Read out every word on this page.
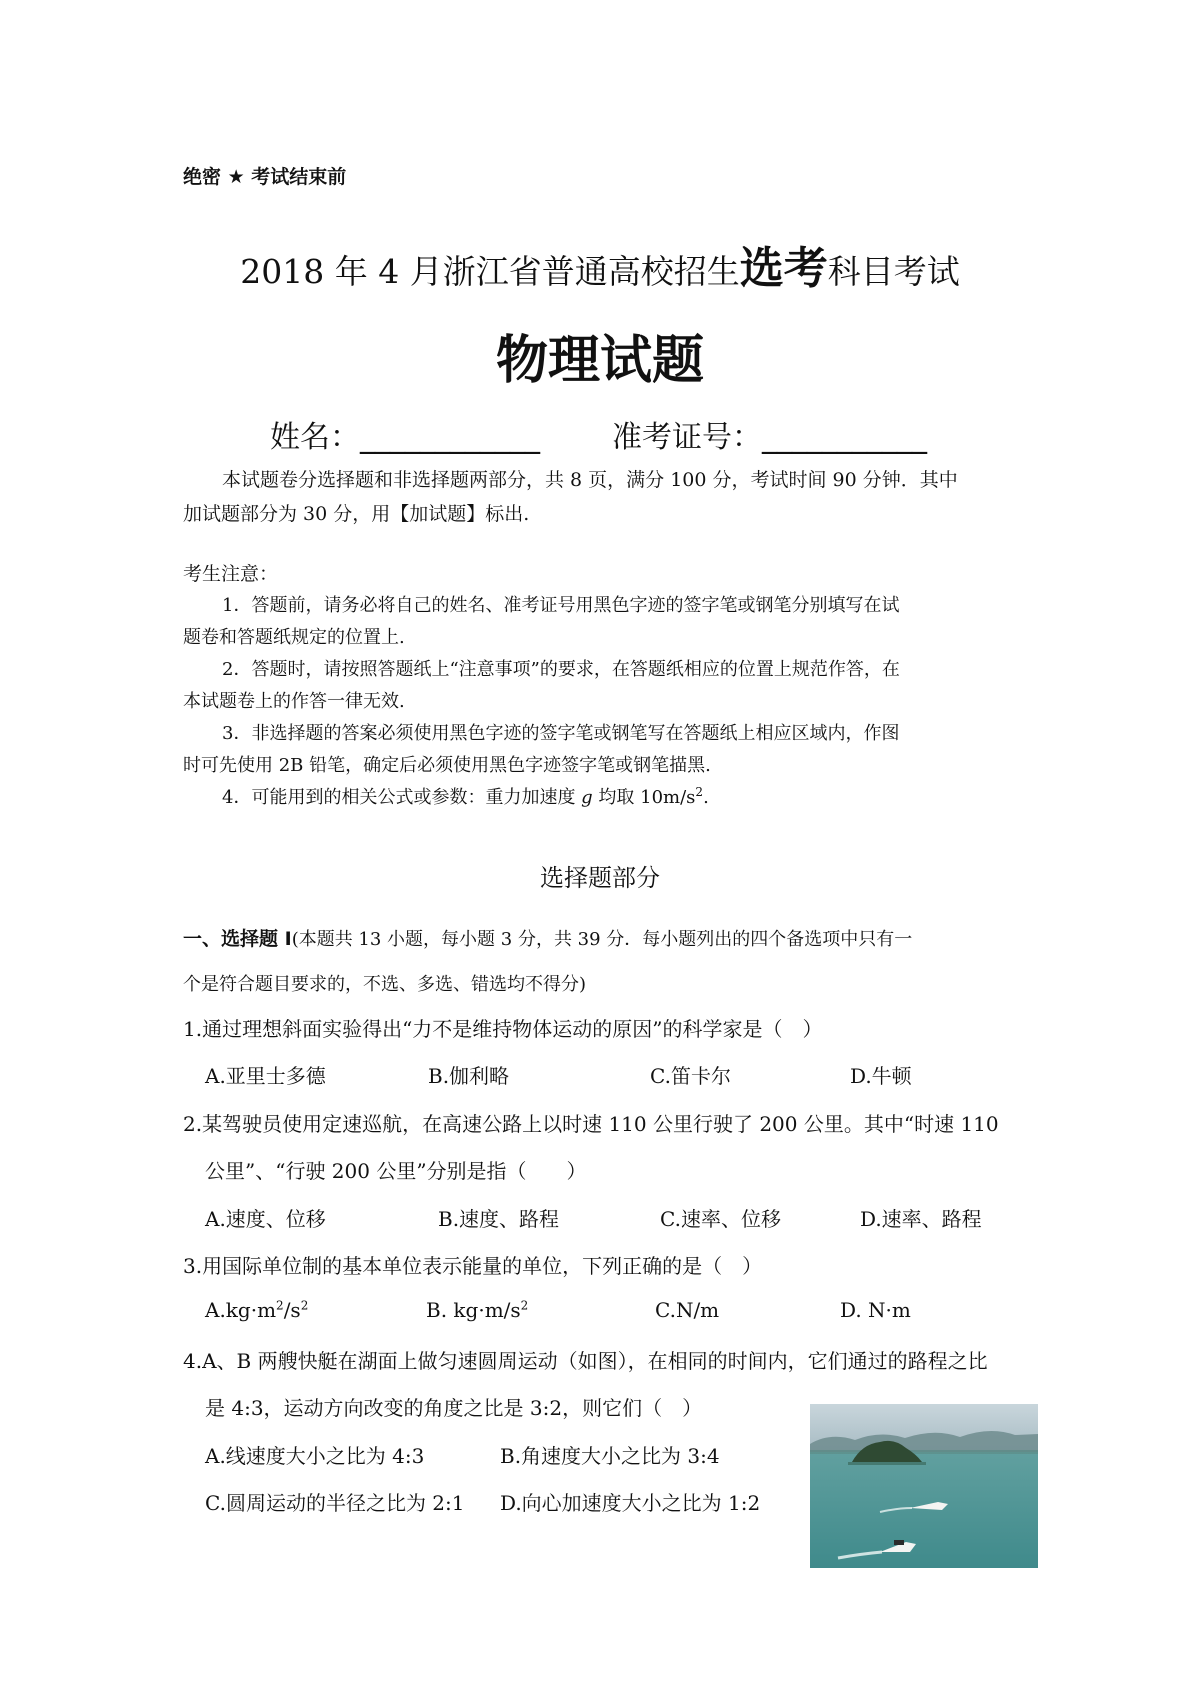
绝密 ★ 考试结束前
2018 年 4 月浙江省普通高校招生选考科目考试
物理试题
姓名：____________ 准考证号：___________
本试题卷分选择题和非选择题两部分，共 8 页，满分 100 分，考试时间 90 分钟．其中
加试题部分为 30 分，用【加试题】标出.
考生注意：
1．答题前，请务必将自己的姓名、准考证号用黑色字迹的签字笔或钢笔分别填写在试
题卷和答题纸规定的位置上.
2．答题时，请按照答题纸上“注意事项”的要求，在答题纸相应的位置上规范作答，在
本试题卷上的作答一律无效.
3．非选择题的答案必须使用黑色字迹的签字笔或钢笔写在答题纸上相应区域内，作图
时可先使用 2B 铅笔，确定后必须使用黑色字迹签字笔或钢笔描黑.
4．可能用到的相关公式或参数：重力加速度 g 均取 $10m/s^2$.
选择题部分
一、选择题 Ⅰ(本题共 13 小题，每小题 3 分，共 39 分．每小题列出的四个备选项中只有一
个是符合题目要求的，不选、多选、错选均不得分)
1.通过理想斜面实验得出“力不是维持物体运动的原因”的科学家是（　）
A.亚里士多德	B.伽利略	C.笛卡尔	D.牛顿
2.某驾驶员使用定速巡航，在高速公路上以时速 110 公里行驶了 200 公里。其中“时速 110
公里”、“行驶 200 公里”分别是指（　　）
A.速度、位移	B.速度、路程	C.速率、位移	D.速率、路程
3.用国际单位制的基本单位表示能量的单位，下列正确的是（　）
$A.kg\cdot m^2/s^2$	B. $kg\cdot m/s^2$	C.N/m	D. N·m
4.A、B 两艘快艇在湖面上做匀速圆周运动（如图），在相同的时间内，它们通过的路程之比
是 4:3，运动方向改变的角度之比是 3:2，则它们（　）
A.线速度大小之比为 4:3	B.角速度大小之比为 3:4
C.圆周运动的半径之比为 2:1 D.向心加速度大小之比为 1:2
